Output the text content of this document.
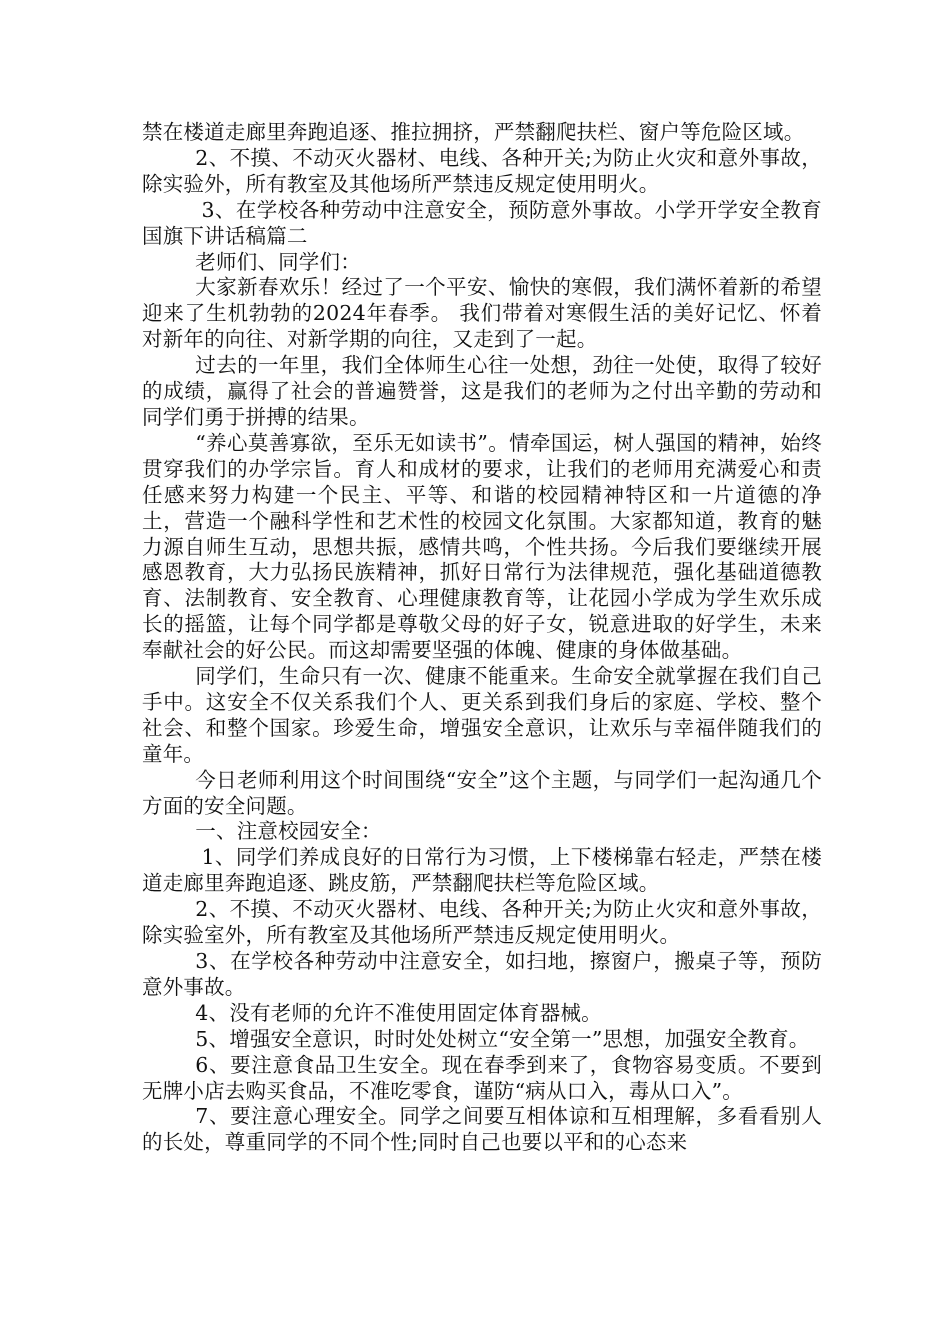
禁在楼道走廊里奔跑追逐、推拉拥挤，严禁翻爬扶栏、窗户等危险区域。

2、不摸、不动灭火器材、电线、各种开关;为防止火灾和意外事故，除实验外，所有教室及其他场所严禁违反规定使用明火。

3、在学校各种劳动中注意安全，预防意外事故。小学开学安全教育国旗下讲话稿篇二

老师们、同学们：

大家新春欢乐！经过了一个平安、愉快的寒假，我们满怀着新的希望迎来了生机勃勃的2024年春季。 我们带着对寒假生活的美好记忆、怀着对新年的向往、对新学期的向往，又走到了一起。

过去的一年里，我们全体师生心往一处想，劲往一处使，取得了较好的成绩，赢得了社会的普遍赞誉，这是我们的老师为之付出辛勤的劳动和同学们勇于拼搏的结果。

“养心莫善寡欲，至乐无如读书”。情牵国运，树人强国的精神，始终贯穿我们的办学宗旨。育人和成材的要求，让我们的老师用充满爱心和责任感来努力构建一个民主、平等、和谐的校园精神特区和一片道德的净土，营造一个融科学性和艺术性的校园文化氛围。大家都知道，教育的魅力源自师生互动，思想共振，感情共鸣，个性共扬。今后我们要继续开展感恩教育，大力弘扬民族精神，抓好日常行为法律规范，强化基础道德教育、法制教育、安全教育、心理健康教育等，让花园小学成为学生欢乐成长的摇篮，让每个同学都是尊敬父母的好子女，锐意进取的好学生，未来奉献社会的好公民。而这却需要坚强的体魄、健康的身体做基础。

同学们，生命只有一次、健康不能重来。生命安全就掌握在我们自己手中。这安全不仅关系我们个人、更关系到我们身后的家庭、学校、整个社会、和整个国家。珍爱生命，增强安全意识，让欢乐与幸福伴随我们的童年。

今日老师利用这个时间围绕“安全”这个主题，与同学们一起沟通几个方面的安全问题。

一、注意校园安全：

1、同学们养成良好的日常行为习惯，上下楼梯靠右轻走，严禁在楼道走廊里奔跑追逐、跳皮筋，严禁翻爬扶栏等危险区域。

2、不摸、不动灭火器材、电线、各种开关;为防止火灾和意外事故，除实验室外，所有教室及其他场所严禁违反规定使用明火。

3、在学校各种劳动中注意安全，如扫地，擦窗户，搬桌子等，预防意外事故。

4、没有老师的允许不准使用固定体育器械。

5、增强安全意识，时时处处树立“安全第一”思想，加强安全教育。

6、要注意食品卫生安全。现在春季到来了，食物容易变质。不要到无牌小店去购买食品，不准吃零食，谨防“病从口入，毒从口入”。

7、要注意心理安全。同学之间要互相体谅和互相理解，多看看别人的长处，尊重同学的不同个性;同时自己也要以平和的心态来
